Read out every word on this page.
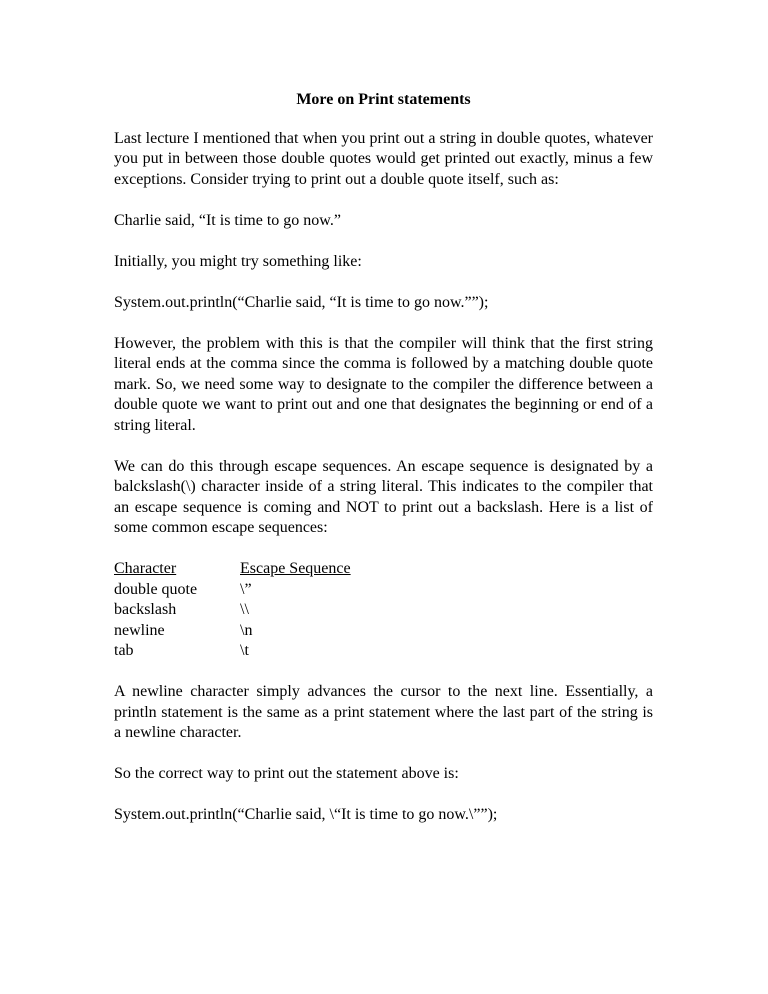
More on Print statements

Last lecture I mentioned that when you print out a string in double quotes, whatever you put in between those double quotes would get printed out exactly, minus a few exceptions. Consider trying to print out a double quote itself, such as:

Charlie said, “It is time to go now.”

Initially, you might try something like:

System.out.println(“Charlie said, “It is time to go now.””);

However, the problem with this is that the compiler will think that the first string literal ends at the comma since the comma is followed by a matching double quote mark. So, we need some way to designate to the compiler the difference between a double quote we want to print out and one that designates the beginning or end of a string literal.

We can do this through escape sequences. An escape sequence is designated by a balckslash(\) character inside of a string literal. This indicates to the compiler that an escape sequence is coming and NOT to print out a backslash. Here is a list of some common escape sequences:

Character	Escape Sequence
double quote	\”
backslash	\\
newline	\n
tab	\t

A newline character simply advances the cursor to the next line. Essentially, a println statement is the same as a print statement where the last part of the string is a newline character.

So the correct way to print out the statement above is:

System.out.println(“Charlie said, \“It is time to go now.\””);
